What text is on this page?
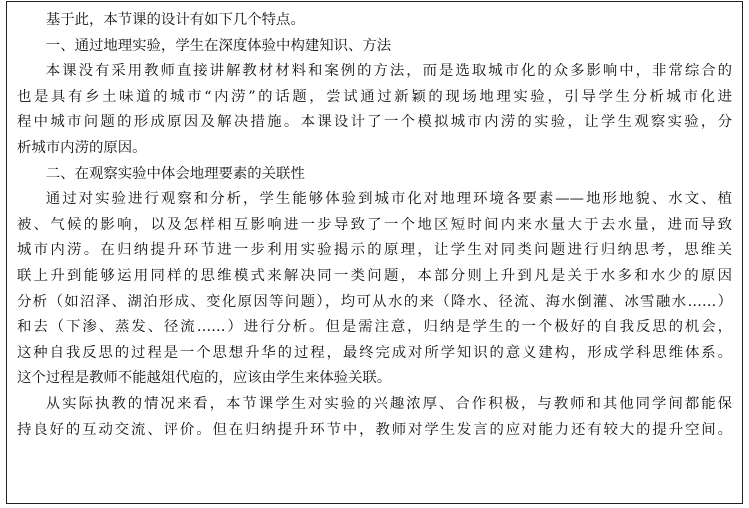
基于此，本节课的设计有如下几个特点。
一、通过地理实验，学生在深度体验中构建知识、方法
本课没有采用教师直接讲解教材材料和案例的方法，而是选取城市化的众多影响中，非常综合的
也是具有乡土味道的城市“内涝”的话题，尝试通过新颖的现场地理实验，引导学生分析城市化进
程中城市问题的形成原因及解决措施。本课设计了一个模拟城市内涝的实验，让学生观察实验，分
析城市内涝的原因。
二、在观察实验中体会地理要素的关联性
通过对实验进行观察和分析，学生能够体验到城市化对地理环境各要素——地形地貌、水文、植
被、气候的影响，以及怎样相互影响进一步导致了一个地区短时间内来水量大于去水量，进而导致
城市内涝。在归纳提升环节进一步利用实验揭示的原理，让学生对同类问题进行归纳思考，思维关
联上升到能够运用同样的思维模式来解决同一类问题，本部分则上升到凡是关于水多和水少的原因
分析（如沼泽、湖泊形成、变化原因等问题），均可从水的来（降水、径流、海水倒灌、冰雪融水……）
和去（下渗、蒸发、径流……）进行分析。但是需注意，归纳是学生的一个极好的自我反思的机会，
这种自我反思的过程是一个思想升华的过程，最终完成对所学知识的意义建构，形成学科思维体系。
这个过程是教师不能越俎代庖的，应该由学生来体验关联。
从实际执教的情况来看，本节课学生对实验的兴趣浓厚、合作积极，与教师和其他同学间都能保
持良好的互动交流、评价。但在归纳提升环节中，教师对学生发言的应对能力还有较大的提升空间。
